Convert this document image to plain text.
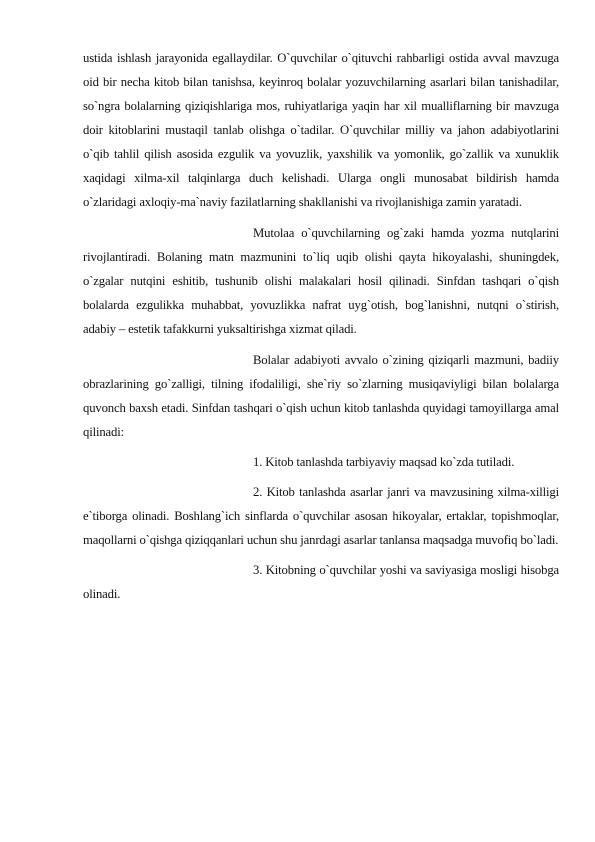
ustida ishlash jarayonida egallaydilar. O`quvchilar o`qituvchi rahbarligi ostida avval mavzuga oid bir necha kitob bilan tanishsa, keyinroq bolalar yozuvchilarning asarlari bilan tanishadilar, so`ngra bolalarning qiziqishlariga mos, ruhiyatlariga yaqin har xil mualliflarning bir mavzuga doir kitoblarini mustaqil tanlab olishga o`tadilar. O`quvchilar milliy va jahon adabiyotlarini o`qib tahlil qilish asosida ezgulik va yovuzlik, yaxshilik va yomonlik, go`zallik va xunuklik xaqidagi xilma-xil talqinlarga duch kelishadi. Ularga ongli munosabat bildirish hamda o`zlaridagi axloqiy-ma`naviy fazilatlarning shakllanishi va rivojlanishiga zamin yaratadi.

Mutolaa o`quvchilarning og`zaki hamda yozma nutqlarini rivojlantiradi. Bolaning matn mazmunini to`liq uqib olishi qayta hikoyalashi, shuningdek, o`zgalar nutqini eshitib, tushunib olishi malakalari hosil qilinadi. Sinfdan tashqari o`qish bolalarda ezgulikka muhabbat, yovuzlikka nafrat uyg`otish, bog`lanishni, nutqni o`stirish, adabiy – estetik tafakkurni yuksaltirishga xizmat qiladi.

Bolalar adabiyoti avvalo o`zining qiziqarli mazmuni, badiiy obrazlarining go`zalligi, tilning ifodaliligi, she`riy so`zlarning musiqaviyligi bilan bolalarga quvonch baxsh etadi. Sinfdan tashqari o`qish uchun kitob tanlashda quyidagi tamoyillarga amal qilinadi:

1. Kitob tanlashda tarbiyaviy maqsad ko`zda tutiladi.

2. Kitob tanlashda asarlar janri va mavzusining xilma-xilligi e`tiborga olinadi. Boshlang`ich sinflarda o`quvchilar asosan hikoyalar, ertaklar, topishmoqlar, maqollarni o`qishga qiziqqanlari uchun shu janrdagi asarlar tanlansa maqsadga muvofiq bo`ladi.

3. Kitobning o`quvchilar yoshi va saviyasiga mosligi hisobga olinadi.
